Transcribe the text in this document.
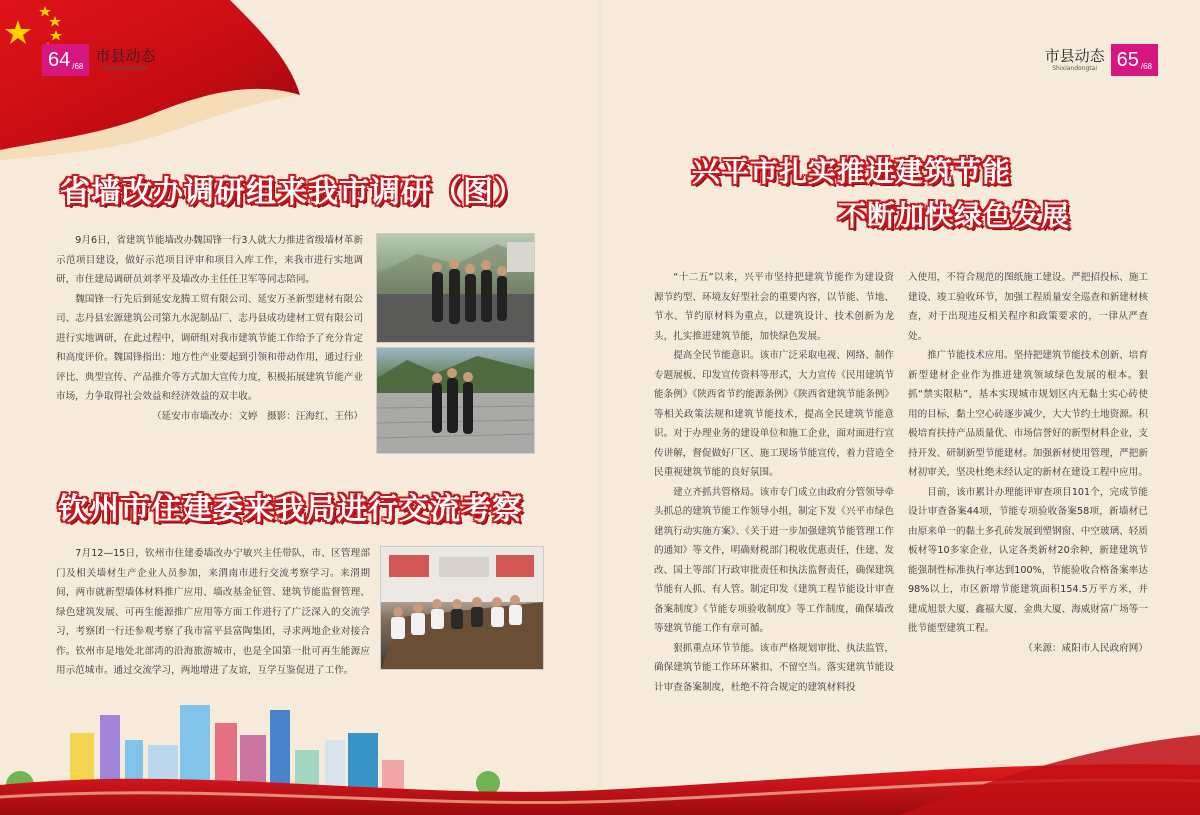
64 /68
市县动态
Shixiandongtai
市县动态
Shixiandongtai 65 /68
省墙改办调研组来我市调研（图）

9月6日，省建筑节能墙改办魏国锋一行3人就大力推进省级墙材革新示范项目建设，做好示范项目评审和项目入库工作，来我市进行实地调研，市住建局调研员刘孝平及墙改办主任任卫军等同志陪同。

魏国锋一行先后到延安龙腾工贸有限公司、延安万圣新型建材有限公司、志丹县宏源建筑公司第九水泥制品厂、志丹县成功建材工贸有限公司进行实地调研，在此过程中，调研组对我市建筑节能工作给予了充分肯定和高度评价。魏国锋指出：地方性产业要起到引领和带动作用，通过行业评比、典型宣传、产品推介等方式加大宣传力度，积极拓展建筑节能产业市场，力争取得社会效益和经济效益的双丰收。

（延安市市墙改办：文婷　摄影：汪海红、王伟）

钦州市住建委来我局进行交流考察

7月12—15日，钦州市住建委墙改办宁敏兴主任带队，市、区管理部门及相关墙材生产企业人员参加，来渭南市进行交流考察学习。来渭期间，两市就新型墙体材料推广应用、墙改基金征管、建筑节能监督管理、绿色建筑发展、可再生能源推广应用等方面工作进行了广泛深入的交流学习，考察团一行还参观考察了我市富平县富陶集团，寻求两地企业对接合作。钦州市是地处北部湾的沿海旅游城市，也是全国第一批可再生能源应用示范城市。通过交流学习，两地增进了友谊，互学互鉴促进了工作。

兴平市扎实推进建筑节能
不断加快绿色发展

“十二五”以来，兴平市坚持把建筑节能作为建设资源节约型、环境友好型社会的重要内容，以节能、节地、节水、节约原材料为重点，以建筑设计、技术创新为龙头，扎实推进建筑节能，加快绿色发展。

提高全民节能意识。该市广泛采取电视、网络、制作专题展板、印发宣传资料等形式，大力宣传《民用建筑节能条例》《陕西省节约能源条例》《陕西省建筑节能条例》等相关政策法规和建筑节能技术，提高全民建筑节能意识。对于办理业务的建设单位和施工企业，面对面进行宣传讲解，督促做好厂区、施工现场节能宣传，着力营造全民重视建筑节能的良好氛围。

建立齐抓共管格局。该市专门成立由政府分管领导牵头抓总的建筑节能工作领导小组，制定下发《兴平市绿色建筑行动实施方案》、《关于进一步加强建筑节能管理工作的通知》等文件，明确财税部门税收优惠责任，住建、发改、国土等部门行政审批责任和执法监督责任，确保建筑节能有人抓、有人管。制定印发《建筑工程节能设计审查备案制度》《节能专项验收制度》等工作制度，确保墙改等建筑节能工作有章可循。

狠抓重点环节节能。该市严格规划审批、执法监管，确保建筑节能工作环环紧扣、不留空当。落实建筑节能设计审查备案制度，杜绝不符合规定的建筑材料投

入使用，不符合规范的图纸施工建设。严把招投标、施工建设、竣工验收环节，加强工程质量安全巡查和新建材核查，对于出现违反相关程序和政策要求的，一律从严查处。

推广节能技术应用。坚持把建筑节能技术创新、培育新型建材企业作为推进建筑领域绿色发展的根本。狠抓“禁实限粘”，基本实现城市规划区内无黏土实心砖使用的目标，黏土空心砖逐步减少，大大节约土地资源。积极培育扶持产品质量优、市场信誉好的新型材料企业，支持开发、研制新型节能建材。加强新材使用管理，严把新材初审关，坚决杜绝未经认定的新材在建设工程中应用。

目前，该市累计办理能评审查项目101个，完成节能设计审查备案44项，节能专项验收备案58项，新墙材已由原来单一的黏土多孔砖发展到塑钢窗、中空玻璃、轻质板材等10多家企业，认定各类新材20余种，新建建筑节能强制性标准执行率达到100%，节能验收合格备案率达98%以上，市区新增节能建筑面积154.5万平方米，并建成旭景大厦、鑫福大厦、金典大厦、海威财富广场等一批节能型建筑工程。

（来源：咸阳市人民政府网）
